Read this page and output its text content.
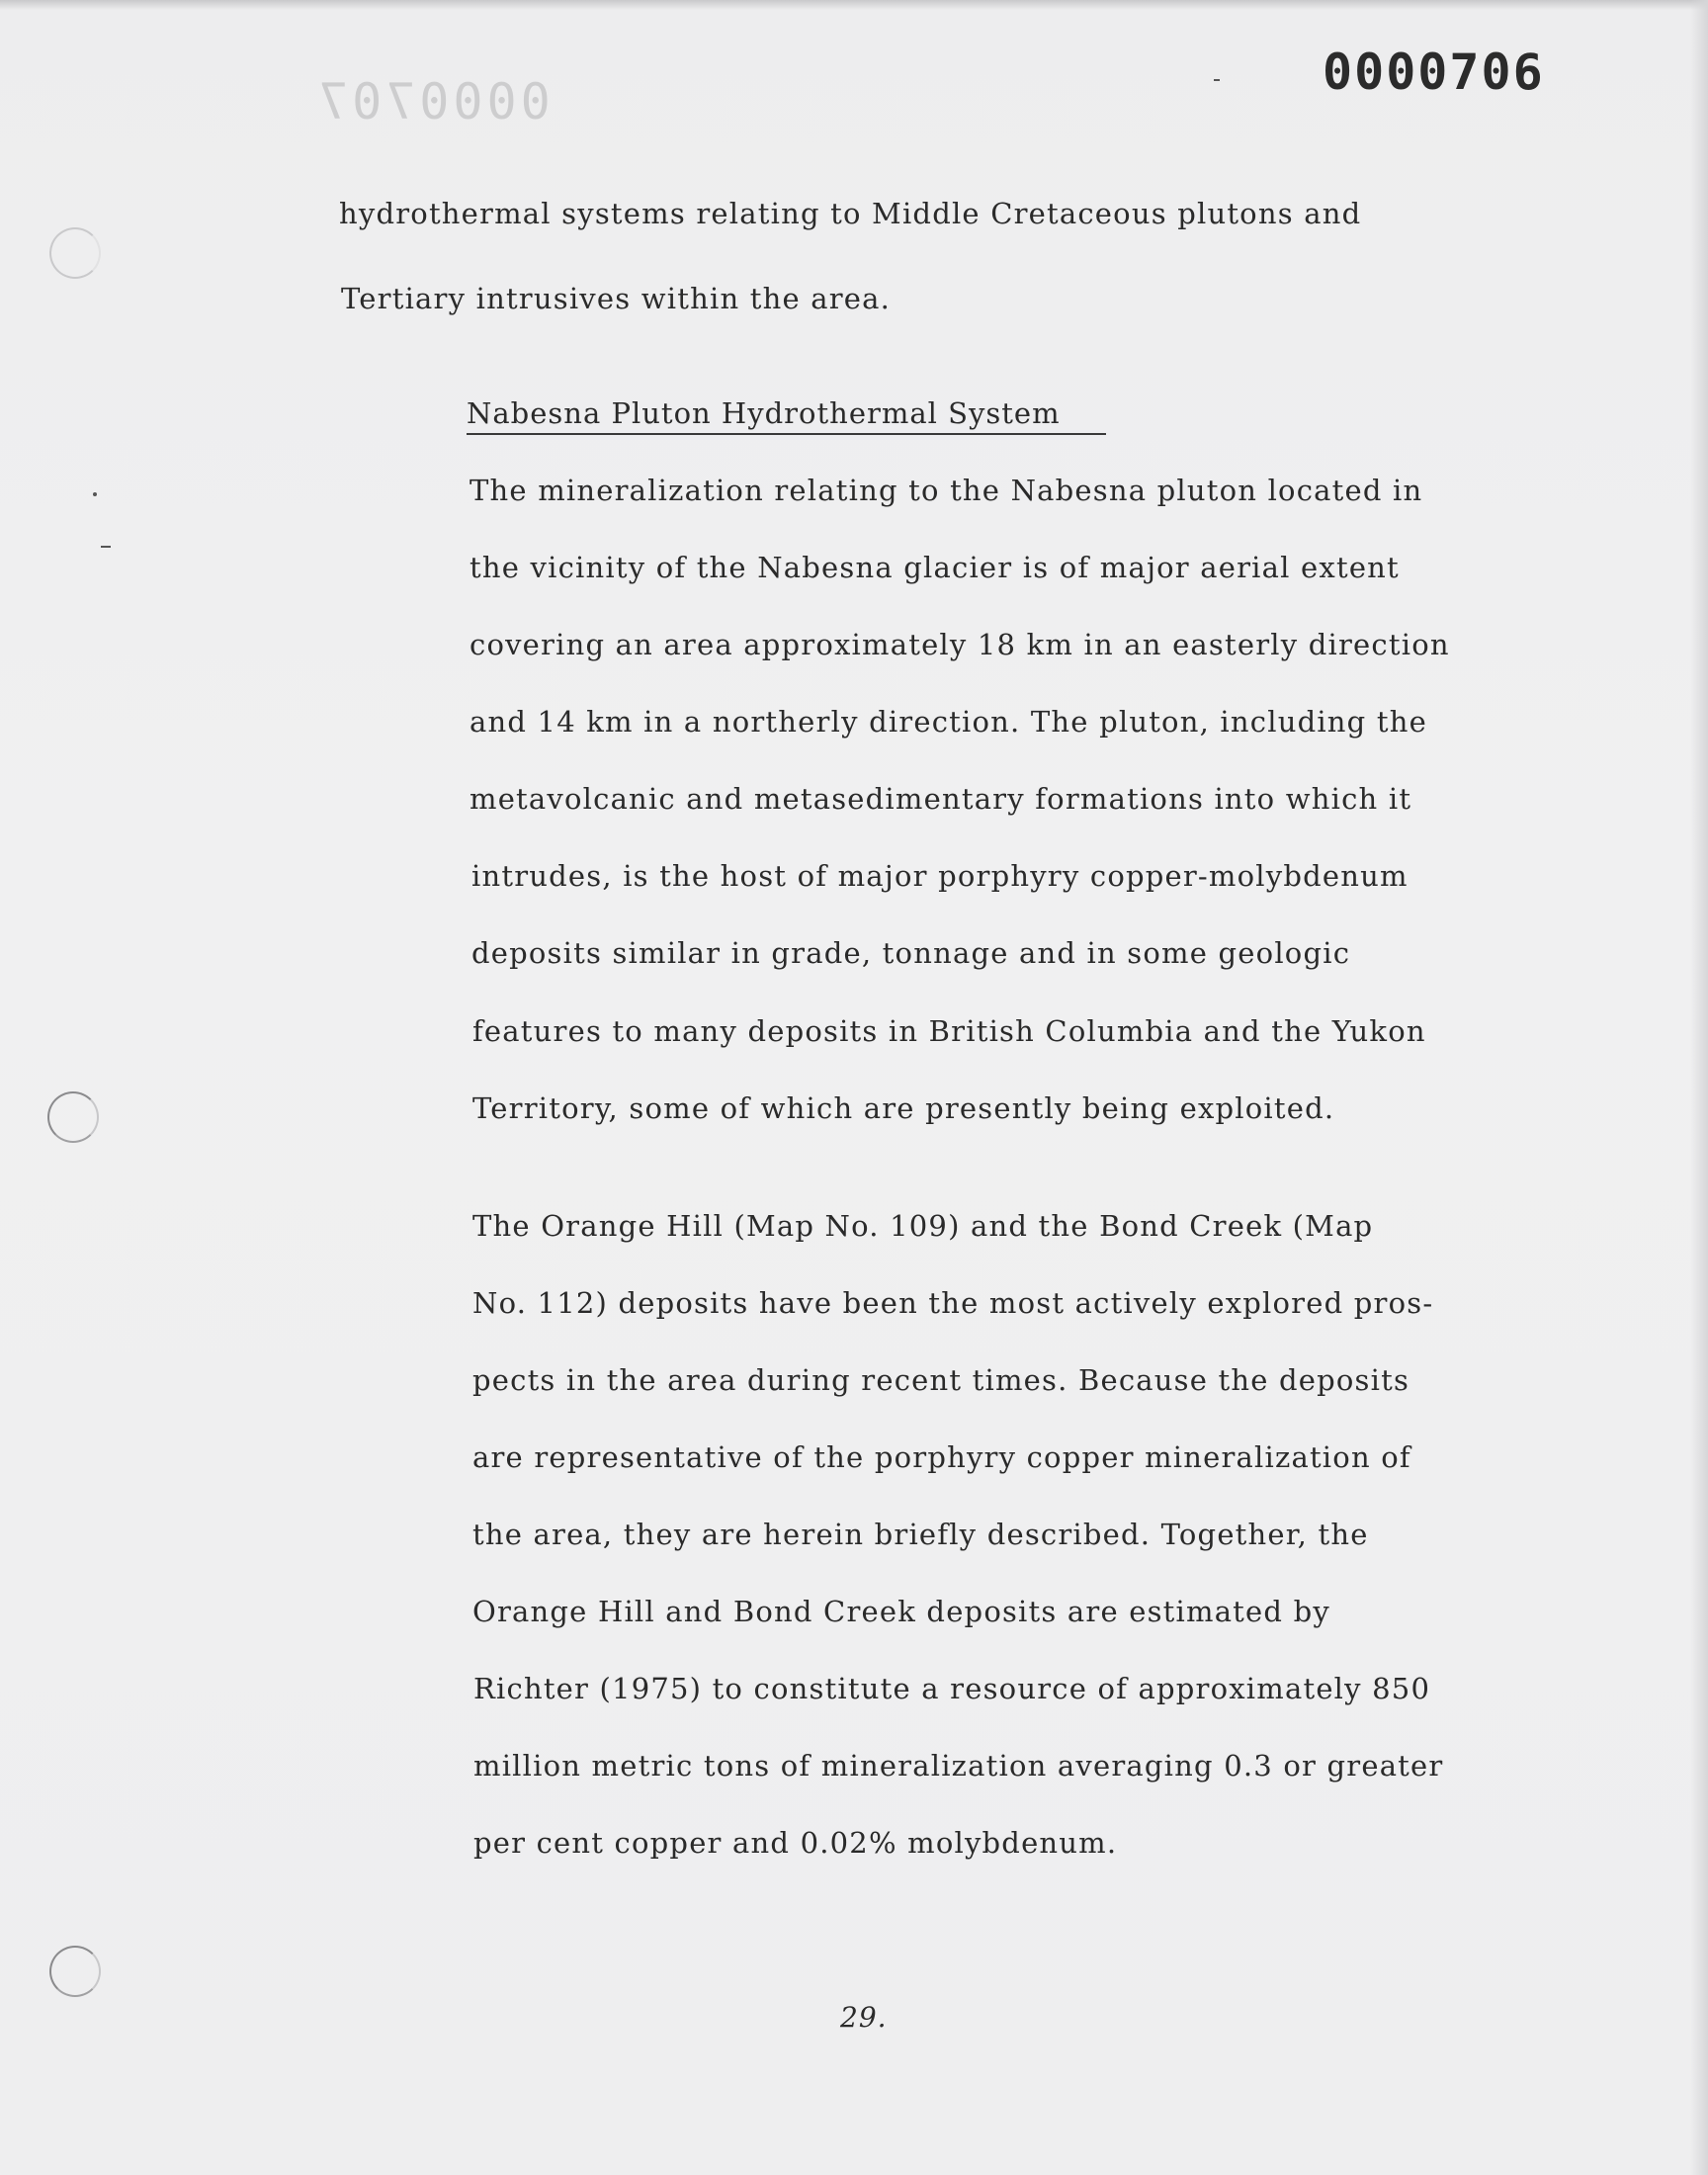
0000707
0000706
hydrothermal systems relating to Middle Cretaceous plutons and
Tertiary intrusives within the area.
Nabesna Pluton Hydrothermal System
The mineralization relating to the Nabesna pluton located in
the vicinity of the Nabesna glacier is of major aerial extent
covering an area approximately 18 km in an easterly direction
and 14 km in a northerly direction. The pluton, including the
metavolcanic and metasedimentary formations into which it
intrudes, is the host of major porphyry copper-molybdenum
deposits similar in grade, tonnage and in some geologic
features to many deposits in British Columbia and the Yukon
Territory, some of which are presently being exploited.
The Orange Hill (Map No. 109) and the Bond Creek (Map
No. 112) deposits have been the most actively explored pros-
pects in the area during recent times. Because the deposits
are representative of the porphyry copper mineralization of
the area, they are herein briefly described. Together, the
Orange Hill and Bond Creek deposits are estimated by
Richter (1975) to constitute a resource of approximately 850
million metric tons of mineralization averaging 0.3 or greater
per cent copper and 0.02% molybdenum.
29.
